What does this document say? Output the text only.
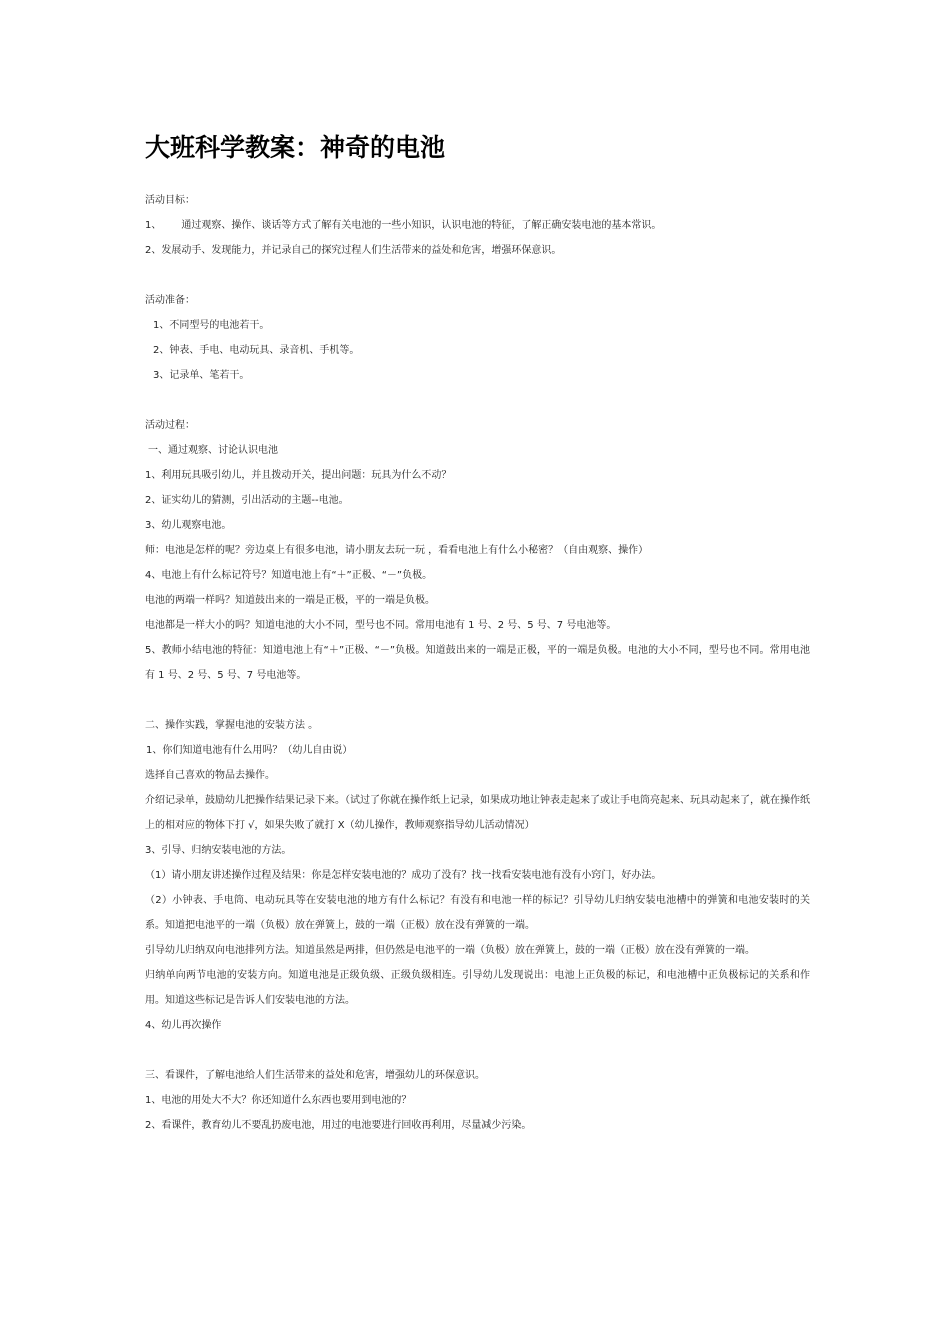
大班科学教案：神奇的电池

活动目标：

1、 通过观察、操作、谈话等方式了解有关电池的一些小知识，认识电池的特征，了解正确安装电池的基本常识。

2、发展动手、发现能力，并记录自己的探究过程人们生活带来的益处和危害，增强环保意识。

活动准备：

1、不同型号的电池若干。

2、钟表、手电、电动玩具、录音机、手机等。

3、记录单、笔若干。

活动过程：

一、通过观察、讨论认识电池

1、利用玩具吸引幼儿，并且拨动开关，提出问题：玩具为什么不动？

2、证实幼儿的猜测，引出活动的主题--电池。

3、幼儿观察电池。

师：电池是怎样的呢？旁边桌上有很多电池，请小朋友去玩一玩 ，看看电池上有什么小秘密？（自由观察、操作）

4、电池上有什么标记符号？知道电池上有“＋”正极、“－”负极。

电池的两端一样吗？知道鼓出来的一端是正极，平的一端是负极。

电池都是一样大小的吗？知道电池的大小不同，型号也不同。常用电池有 1 号、2 号、5 号、7 号电池等。

5、教师小结电池的特征：知道电池上有“＋”正极、“－”负极。知道鼓出来的一端是正极，平的一端是负极。电池的大小不同，型号也不同。常用电池有 1 号、2 号、5 号、7 号电池等。

二、操作实践，掌握电池的安装方法 。

1、你们知道电池有什么用吗？（幼儿自由说）

选择自己喜欢的物品去操作。

介绍记录单，鼓励幼儿把操作结果记录下来。（试过了你就在操作纸上记录，如果成功地让钟表走起来了或让手电筒亮起来、玩具动起来了，就在操作纸上的相对应的物体下打 √，如果失败了就打 X（幼儿操作，教师观察指导幼儿活动情况）

3、引导、归纳安装电池的方法。

（1）请小朋友讲述操作过程及结果：你是怎样安装电池的？成功了没有？找一找看安装电池有没有小窍门，好办法。

（2）小钟表、手电筒、电动玩具等在安装电池的地方有什么标记？有没有和电池一样的标记？引导幼儿归纳安装电池槽中的弹簧和电池安装时的关系。知道把电池平的一端（负极）放在弹簧上，鼓的一端（正极）放在没有弹簧的一端。

引导幼儿归纳双向电池排列方法。知道虽然是两排，但仍然是电池平的一端（负极）放在弹簧上，鼓的一端（正极）放在没有弹簧的一端。

归纳单向两节电池的安装方向。知道电池是正级负级、正级负级相连。引导幼儿发现说出：电池上正负极的标记，和电池槽中正负极标记的关系和作用。知道这些标记是告诉人们安装电池的方法。

4、幼儿再次操作

三、看课件，了解电池给人们生活带来的益处和危害，增强幼儿的环保意识。

1、电池的用处大不大？你还知道什么东西也要用到电池的？

2、看课件，教育幼儿不要乱扔废电池，用过的电池要进行回收再利用，尽量减少污染。
